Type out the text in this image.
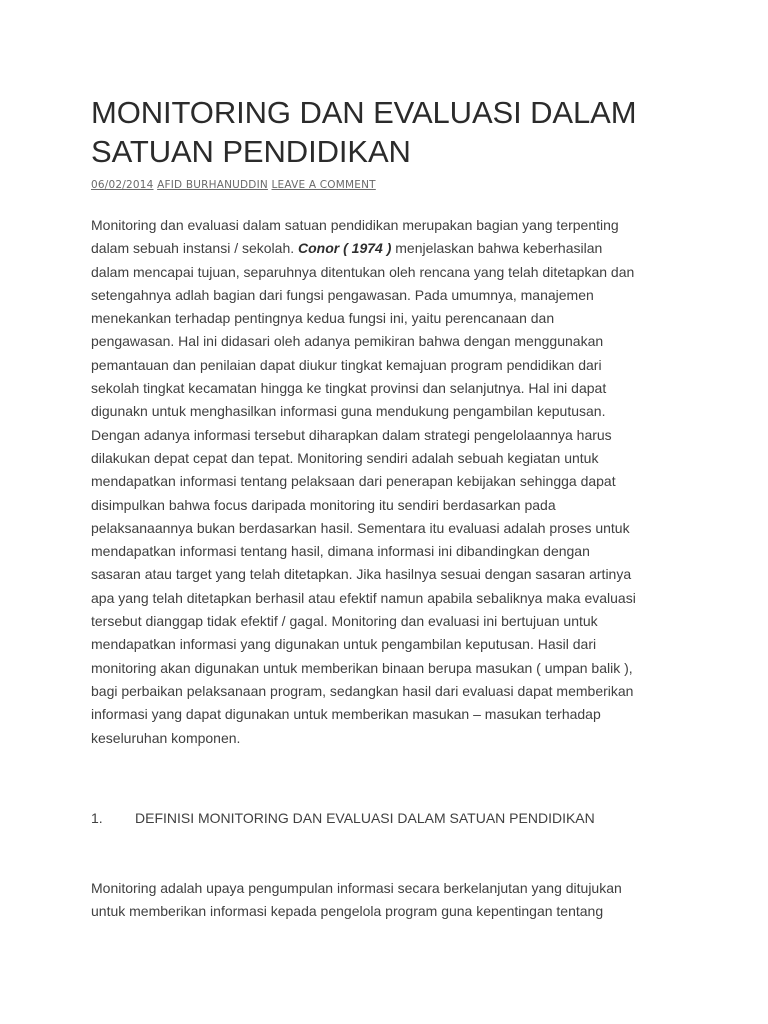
MONITORING DAN EVALUASI DALAM
SATUAN PENDIDIKAN
06/02/2014 AFID BURHANUDDIN LEAVE A COMMENT
Monitoring dan evaluasi dalam satuan pendidikan merupakan bagian yang terpenting
dalam sebuah instansi / sekolah. Conor ( 1974 ) menjelaskan bahwa keberhasilan
dalam mencapai tujuan, separuhnya ditentukan oleh rencana yang telah ditetapkan dan
setengahnya adlah bagian dari fungsi pengawasan. Pada umumnya, manajemen
menekankan terhadap pentingnya kedua fungsi ini, yaitu perencanaan dan
pengawasan. Hal ini didasari oleh adanya pemikiran bahwa dengan menggunakan
pemantauan dan penilaian dapat diukur tingkat kemajuan program pendidikan dari
sekolah tingkat kecamatan hingga ke tingkat provinsi dan selanjutnya. Hal ini dapat
digunakn untuk menghasilkan informasi guna mendukung pengambilan keputusan.
Dengan adanya informasi tersebut diharapkan dalam strategi pengelolaannya harus
dilakukan depat cepat dan tepat. Monitoring sendiri adalah sebuah kegiatan untuk
mendapatkan informasi tentang pelaksaan dari penerapan kebijakan sehingga dapat
disimpulkan bahwa focus daripada monitoring itu sendiri berdasarkan pada
pelaksanaannya bukan berdasarkan hasil. Sementara itu evaluasi adalah proses untuk
mendapatkan informasi tentang hasil, dimana informasi ini dibandingkan dengan
sasaran atau target yang telah ditetapkan. Jika hasilnya sesuai dengan sasaran artinya
apa yang telah ditetapkan berhasil atau efektif namun apabila sebaliknya maka evaluasi
tersebut dianggap tidak efektif / gagal. Monitoring dan evaluasi ini bertujuan untuk
mendapatkan informasi yang digunakan untuk pengambilan keputusan. Hasil dari
monitoring akan digunakan untuk memberikan binaan berupa masukan ( umpan balik ),
bagi perbaikan pelaksanaan program, sedangkan hasil dari evaluasi dapat memberikan
informasi yang dapat digunakan untuk memberikan masukan – masukan terhadap
keseluruhan komponen.
1. DEFINISI MONITORING DAN EVALUASI DALAM SATUAN PENDIDIKAN
Monitoring adalah upaya pengumpulan informasi secara berkelanjutan yang ditujukan
untuk memberikan informasi kepada pengelola program guna kepentingan tentang
